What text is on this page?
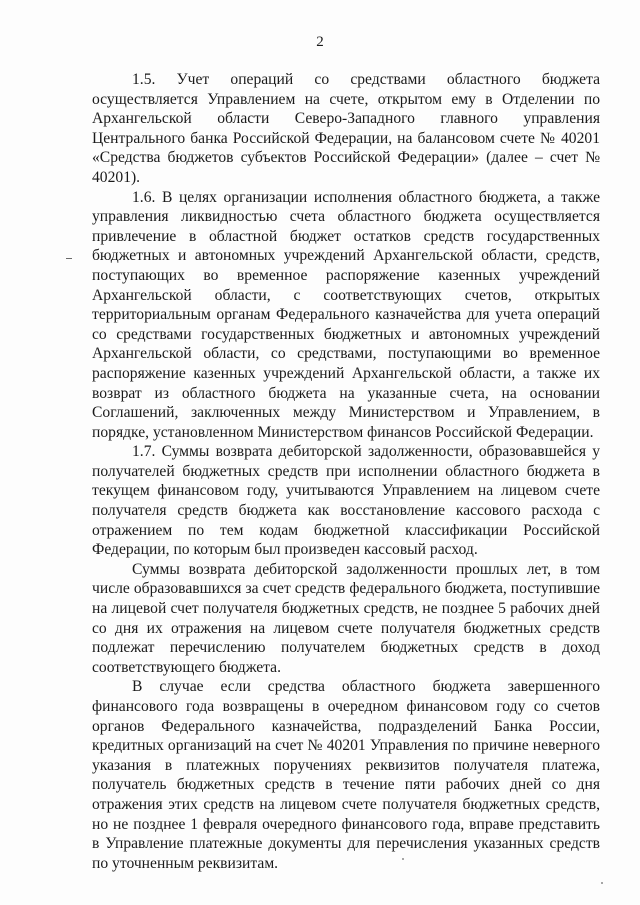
2

1.5. Учет операций со средствами областного бюджета осуществляется Управлением на счете, открытом ему в Отделении по Архангельской области Северо-Западного главного управления Центрального банка Российской Федерации, на балансовом счете № 40201 «Средства бюджетов субъектов Российской Федерации» (далее – счет № 40201).

1.6. В целях организации исполнения областного бюджета, а также управления ликвидностью счета областного бюджета осуществляется привлечение в областной бюджет остатков средств государственных бюджетных и автономных учреждений Архангельской области, средств, поступающих во временное распоряжение казенных учреждений Архангельской области, с соответствующих счетов, открытых территориальным органам Федерального казначейства для учета операций со средствами государственных бюджетных и автономных учреждений Архангельской области, со средствами, поступающими во временное распоряжение казенных учреждений Архангельской области, а также их возврат из областного бюджета на указанные счета, на основании Соглашений, заключенных между Министерством и Управлением, в порядке, установленном Министерством финансов Российской Федерации.

1.7. Суммы возврата дебиторской задолженности, образовавшейся у получателей бюджетных средств при исполнении областного бюджета в текущем финансовом году, учитываются Управлением на лицевом счете получателя средств бюджета как восстановление кассового расхода с отражением по тем кодам бюджетной классификации Российской Федерации, по которым был произведен кассовый расход.

Суммы возврата дебиторской задолженности прошлых лет, в том числе образовавшихся за счет средств федерального бюджета, поступившие на лицевой счет получателя бюджетных средств, не позднее 5 рабочих дней со дня их отражения на лицевом счете получателя бюджетных средств подлежат перечислению получателем бюджетных средств в доход соответствующего бюджета.

В случае если средства областного бюджета завершенного финансового года возвращены в очередном финансовом году со счетов органов Федерального казначейства, подразделений Банка России, кредитных организаций на счет № 40201 Управления по причине неверного указания в платежных поручениях реквизитов получателя платежа, получатель бюджетных средств в течение пяти рабочих дней со дня отражения этих средств на лицевом счете получателя бюджетных средств, но не позднее 1 февраля очередного финансового года, вправе представить в Управление платежные документы для перечисления указанных средств по уточненным реквизитам.
